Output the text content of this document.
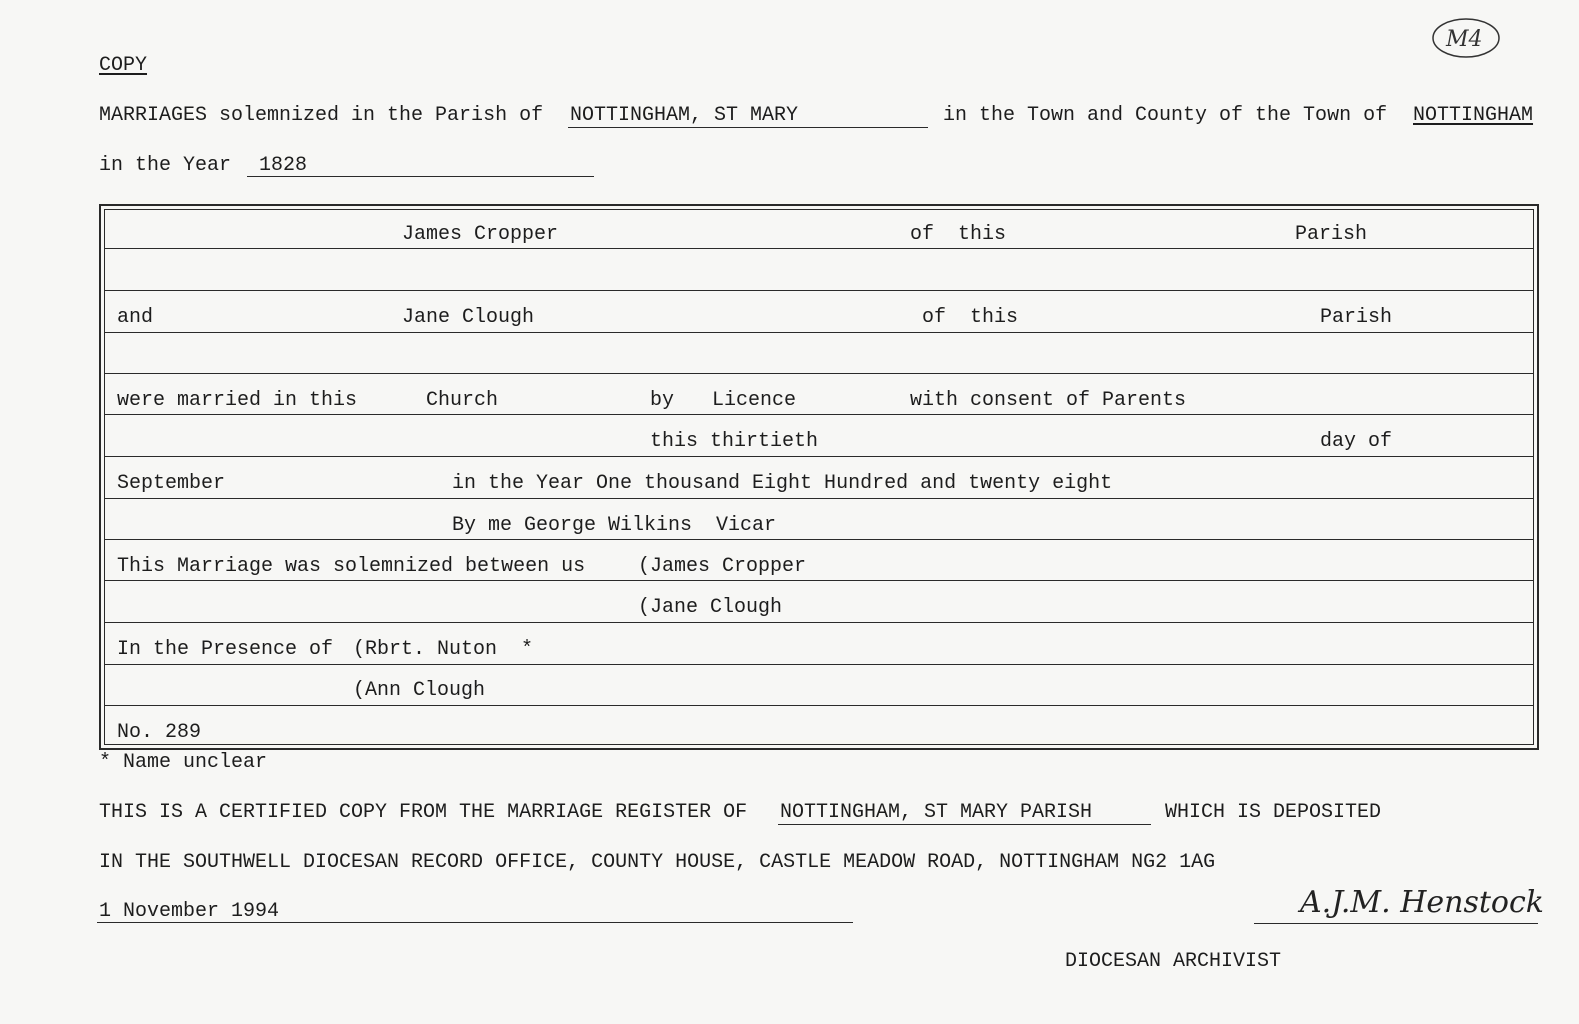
M4
COPY
MARRIAGES solemnized in the Parish of NOTTINGHAM, ST MARY	in the Town and County of the Town of NOTTINGHAM
in the Year 1828
James Cropper	of  this	Parish
and	Jane Clough	of  this	Parish
were married in this	Church	by Licence	with consent of Parents
this thirtieth	day of
September	in the Year One thousand Eight Hundred and twenty eight
By me George Wilkins  Vicar
This Marriage was solemnized between us	(James Cropper
(Jane Clough
In the Presence of (Rbrt. Nuton  *
(Ann Clough
No. 289
* Name unclear
THIS IS A CERTIFIED COPY FROM THE MARRIAGE REGISTER OF NOTTINGHAM, ST MARY PARISH	WHICH IS DEPOSITED
IN THE SOUTHWELL DIOCESAN RECORD OFFICE, COUNTY HOUSE, CASTLE MEADOW ROAD, NOTTINGHAM NG2 1AG
1 November 1994	A.J.M. Henstock
DIOCESAN ARCHIVIST
